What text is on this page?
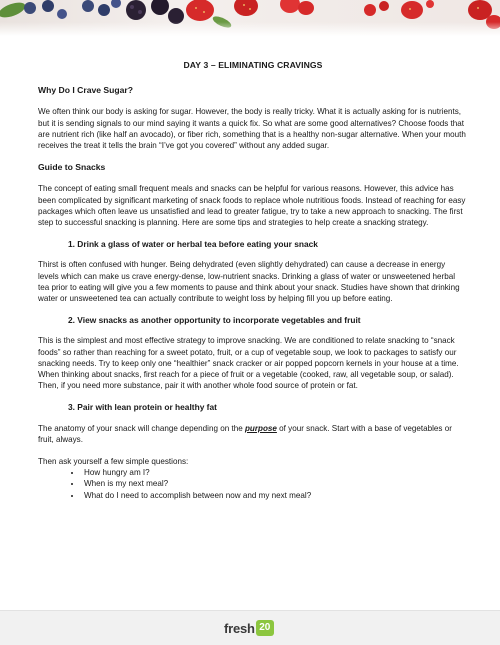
DAY 3 – ELIMINATING CRAVINGS
Why Do I Crave Sugar?

We often think our body is asking for sugar. However, the body is really tricky. What it is actually asking for is nutrients, but it is sending signals to our mind saying it wants a quick fix. So what are some good alternatives? Choose foods that are nutrient rich (like half an avocado), or fiber rich, something that is a healthy non-sugar alternative. When your mouth receives the treat it tells the brain “I’ve got you covered” without any added sugar.

Guide to Snacks

The concept of eating small frequent meals and snacks can be helpful for various reasons. However, this advice has been complicated by significant marketing of snack foods to replace whole nutritious foods. Instead of reaching for easy packages which often leave us unsatisfied and lead to greater fatigue, try to take a new approach to snacking. The first step to successful snacking is planning. Here are some tips and strategies to help create a snacking strategy.

1. Drink a glass of water or herbal tea before eating your snack

Thirst is often confused with hunger. Being dehydrated (even slightly dehydrated) can cause a decrease in energy levels which can make us crave energy-dense, low-nutrient snacks. Drinking a glass of water or unsweetened herbal tea prior to eating will give you a few moments to pause and think about your snack. Studies have shown that drinking water or unsweetened tea can actually contribute to weight loss by helping fill you up before eating.

2. View snacks as another opportunity to incorporate vegetables and fruit

This is the simplest and most effective strategy to improve snacking. We are conditioned to relate snacking to “snack foods” so rather than reaching for a sweet potato, fruit, or a cup of vegetable soup, we look to packages to satisfy our snacking needs. Try to keep only one “healthier” snack cracker or air popped popcorn kernels in your house at a time. When thinking about snacks, first reach for a piece of fruit or a vegetable (cooked, raw, all vegetable soup, or salad). Then, if you need more substance, pair it with another whole food source of protein or fat.

3. Pair with lean protein or healthy fat

The anatomy of your snack will change depending on the purpose of your snack. Start with a base of vegetables or fruit, always.

Then ask yourself a few simple questions:

• How hungry am I?
• When is my next meal?
• What do I need to accomplish between now and my next meal?
fresh 20
